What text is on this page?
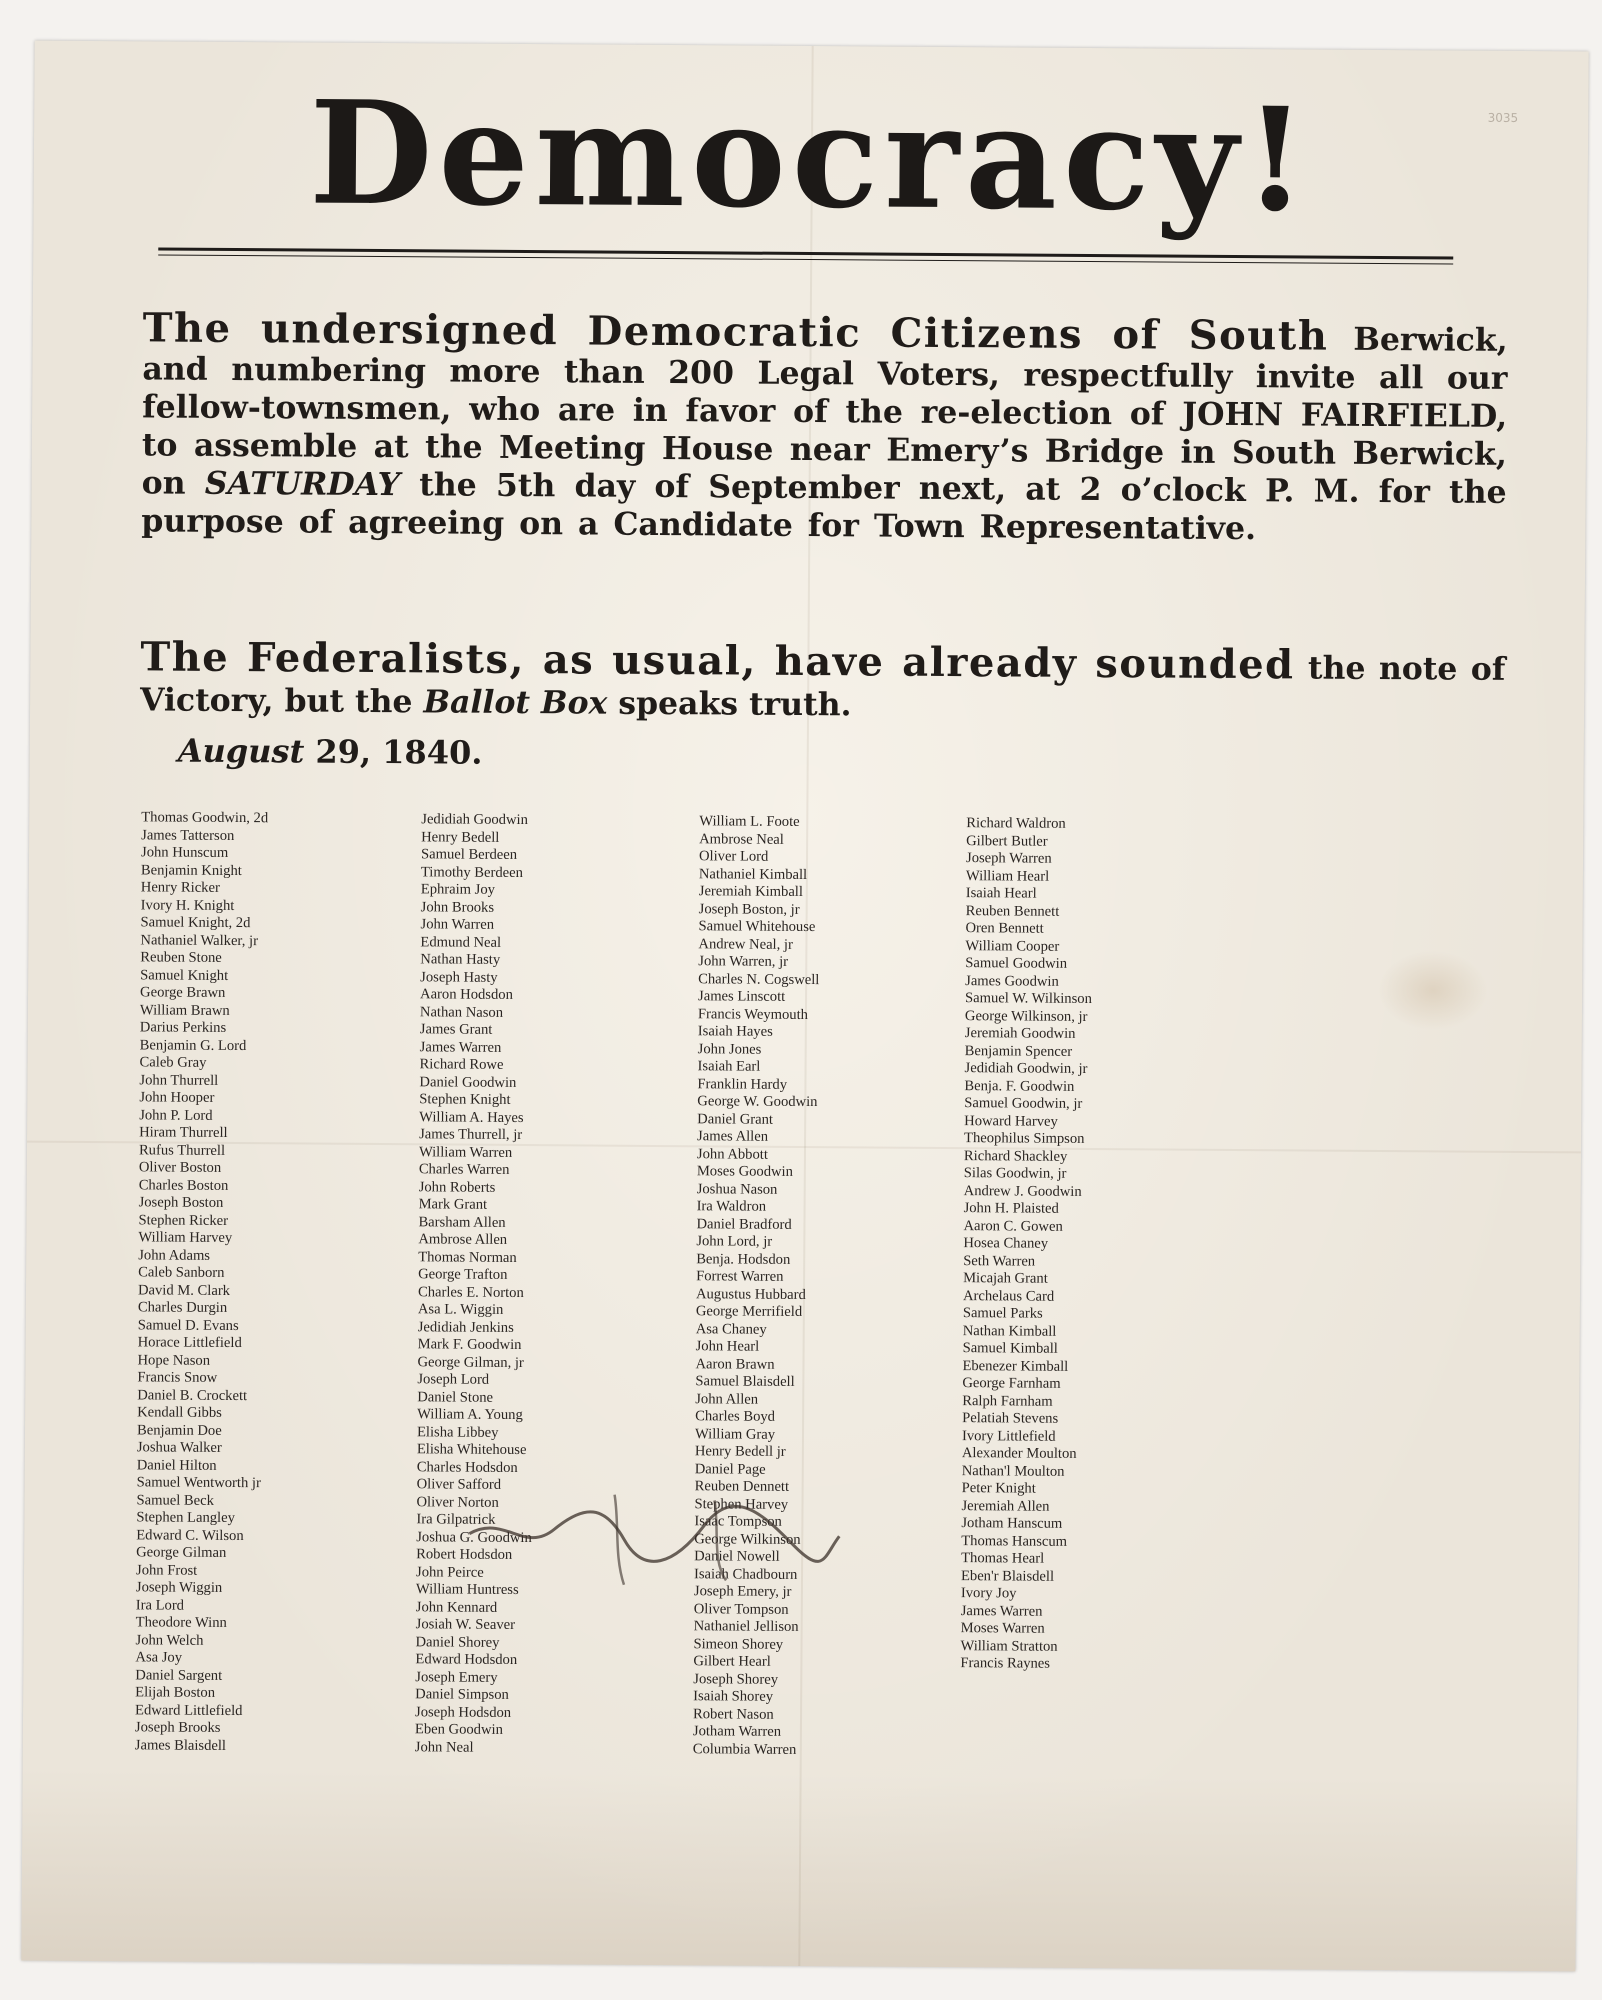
3035
Democracy!
The undersigned Democratic Citizens of South Berwick, and numbering more than 200 Legal Voters, respectfully invite all our fellow-townsmen, who are in favor of the re-election of JOHN FAIRFIELD, to assemble at the Meeting House near Emery’s Bridge in South Berwick, on SATURDAY the 5th day of September next, at 2 o’clock P. M. for the purpose of agreeing on a Candidate for Town Representative.
The Federalists, as usual, have already sounded the note of Victory, but the Ballot Box speaks truth.
August 29, 1840.
Thomas Goodwin, 2d
James Tatterson
John Hunscum
Benjamin Knight
Henry Ricker
Ivory H. Knight
Samuel Knight, 2d
Nathaniel Walker, jr
Reuben Stone
Samuel Knight
George Brawn
William Brawn
Darius Perkins
Benjamin G. Lord
Caleb Gray
John Thurrell
John Hooper
John P. Lord
Hiram Thurrell
Rufus Thurrell
Oliver Boston
Charles Boston
Joseph Boston
Stephen Ricker
William Harvey
John Adams
Caleb Sanborn
David M. Clark
Charles Durgin
Samuel D. Evans
Horace Littlefield
Hope Nason
Francis Snow
Daniel B. Crockett
Kendall Gibbs
Benjamin Doe
Joshua Walker
Daniel Hilton
Samuel Wentworth jr
Samuel Beck
Stephen Langley
Edward C. Wilson
George Gilman
John Frost
Joseph Wiggin
Ira Lord
Theodore Winn
John Welch
Asa Joy
Daniel Sargent
Elijah Boston
Edward Littlefield
Joseph Brooks
James Blaisdell
Jedidiah Goodwin
Henry Bedell
Samuel Berdeen
Timothy Berdeen
Ephraim Joy
John Brooks
John Warren
Edmund Neal
Nathan Hasty
Joseph Hasty
Aaron Hodsdon
Nathan Nason
James Grant
James Warren
Richard Rowe
Daniel Goodwin
Stephen Knight
William A. Hayes
James Thurrell, jr
William Warren
Charles Warren
John Roberts
Mark Grant
Barsham Allen
Ambrose Allen
Thomas Norman
George Trafton
Charles E. Norton
Asa L. Wiggin
Jedidiah Jenkins
Mark F. Goodwin
George Gilman, jr
Joseph Lord
Daniel Stone
William A. Young
Elisha Libbey
Elisha Whitehouse
Charles Hodsdon
Oliver Safford
Oliver Norton
Ira Gilpatrick
Joshua G. Goodwin
Robert Hodsdon
John Peirce
William Huntress
John Kennard
Josiah W. Seaver
Daniel Shorey
Edward Hodsdon
Joseph Emery
Daniel Simpson
Joseph Hodsdon
Eben Goodwin
John Neal
William L. Foote
Ambrose Neal
Oliver Lord
Nathaniel Kimball
Jeremiah Kimball
Joseph Boston, jr
Samuel Whitehouse
Andrew Neal, jr
John Warren, jr
Charles N. Cogswell
James Linscott
Francis Weymouth
Isaiah Hayes
John Jones
Isaiah Earl
Franklin Hardy
George W. Goodwin
Daniel Grant
James Allen
John Abbott
Moses Goodwin
Joshua Nason
Ira Waldron
Daniel Bradford
John Lord, jr
Benja. Hodsdon
Forrest Warren
Augustus Hubbard
George Merrifield
Asa Chaney
John Hearl
Aaron Brawn
Samuel Blaisdell
John Allen
Charles Boyd
William Gray
Henry Bedell jr
Daniel Page
Reuben Dennett
Stephen Harvey
Isaac Tompson
George Wilkinson
Daniel Nowell
Isaiah Chadbourn
Joseph Emery, jr
Oliver Tompson
Nathaniel Jellison
Simeon Shorey
Gilbert Hearl
Joseph Shorey
Isaiah Shorey
Robert Nason
Jotham Warren
Columbia Warren
Richard Waldron
Gilbert Butler
Joseph Warren
William Hearl
Isaiah Hearl
Reuben Bennett
Oren Bennett
William Cooper
Samuel Goodwin
James Goodwin
Samuel W. Wilkinson
George Wilkinson, jr
Jeremiah Goodwin
Benjamin Spencer
Jedidiah Goodwin, jr
Benja. F. Goodwin
Samuel Goodwin, jr
Howard Harvey
Theophilus Simpson
Richard Shackley
Silas Goodwin, jr
Andrew J. Goodwin
John H. Plaisted
Aaron C. Gowen
Hosea Chaney
Seth Warren
Micajah Grant
Archelaus Card
Samuel Parks
Nathan Kimball
Samuel Kimball
Ebenezer Kimball
George Farnham
Ralph Farnham
Pelatiah Stevens
Ivory Littlefield
Alexander Moulton
Nathan'l Moulton
Peter Knight
Jeremiah Allen
Jotham Hanscum
Thomas Hanscum
Thomas Hearl
Eben'r Blaisdell
Ivory Joy
James Warren
Moses Warren
William Stratton
Francis Raynes
